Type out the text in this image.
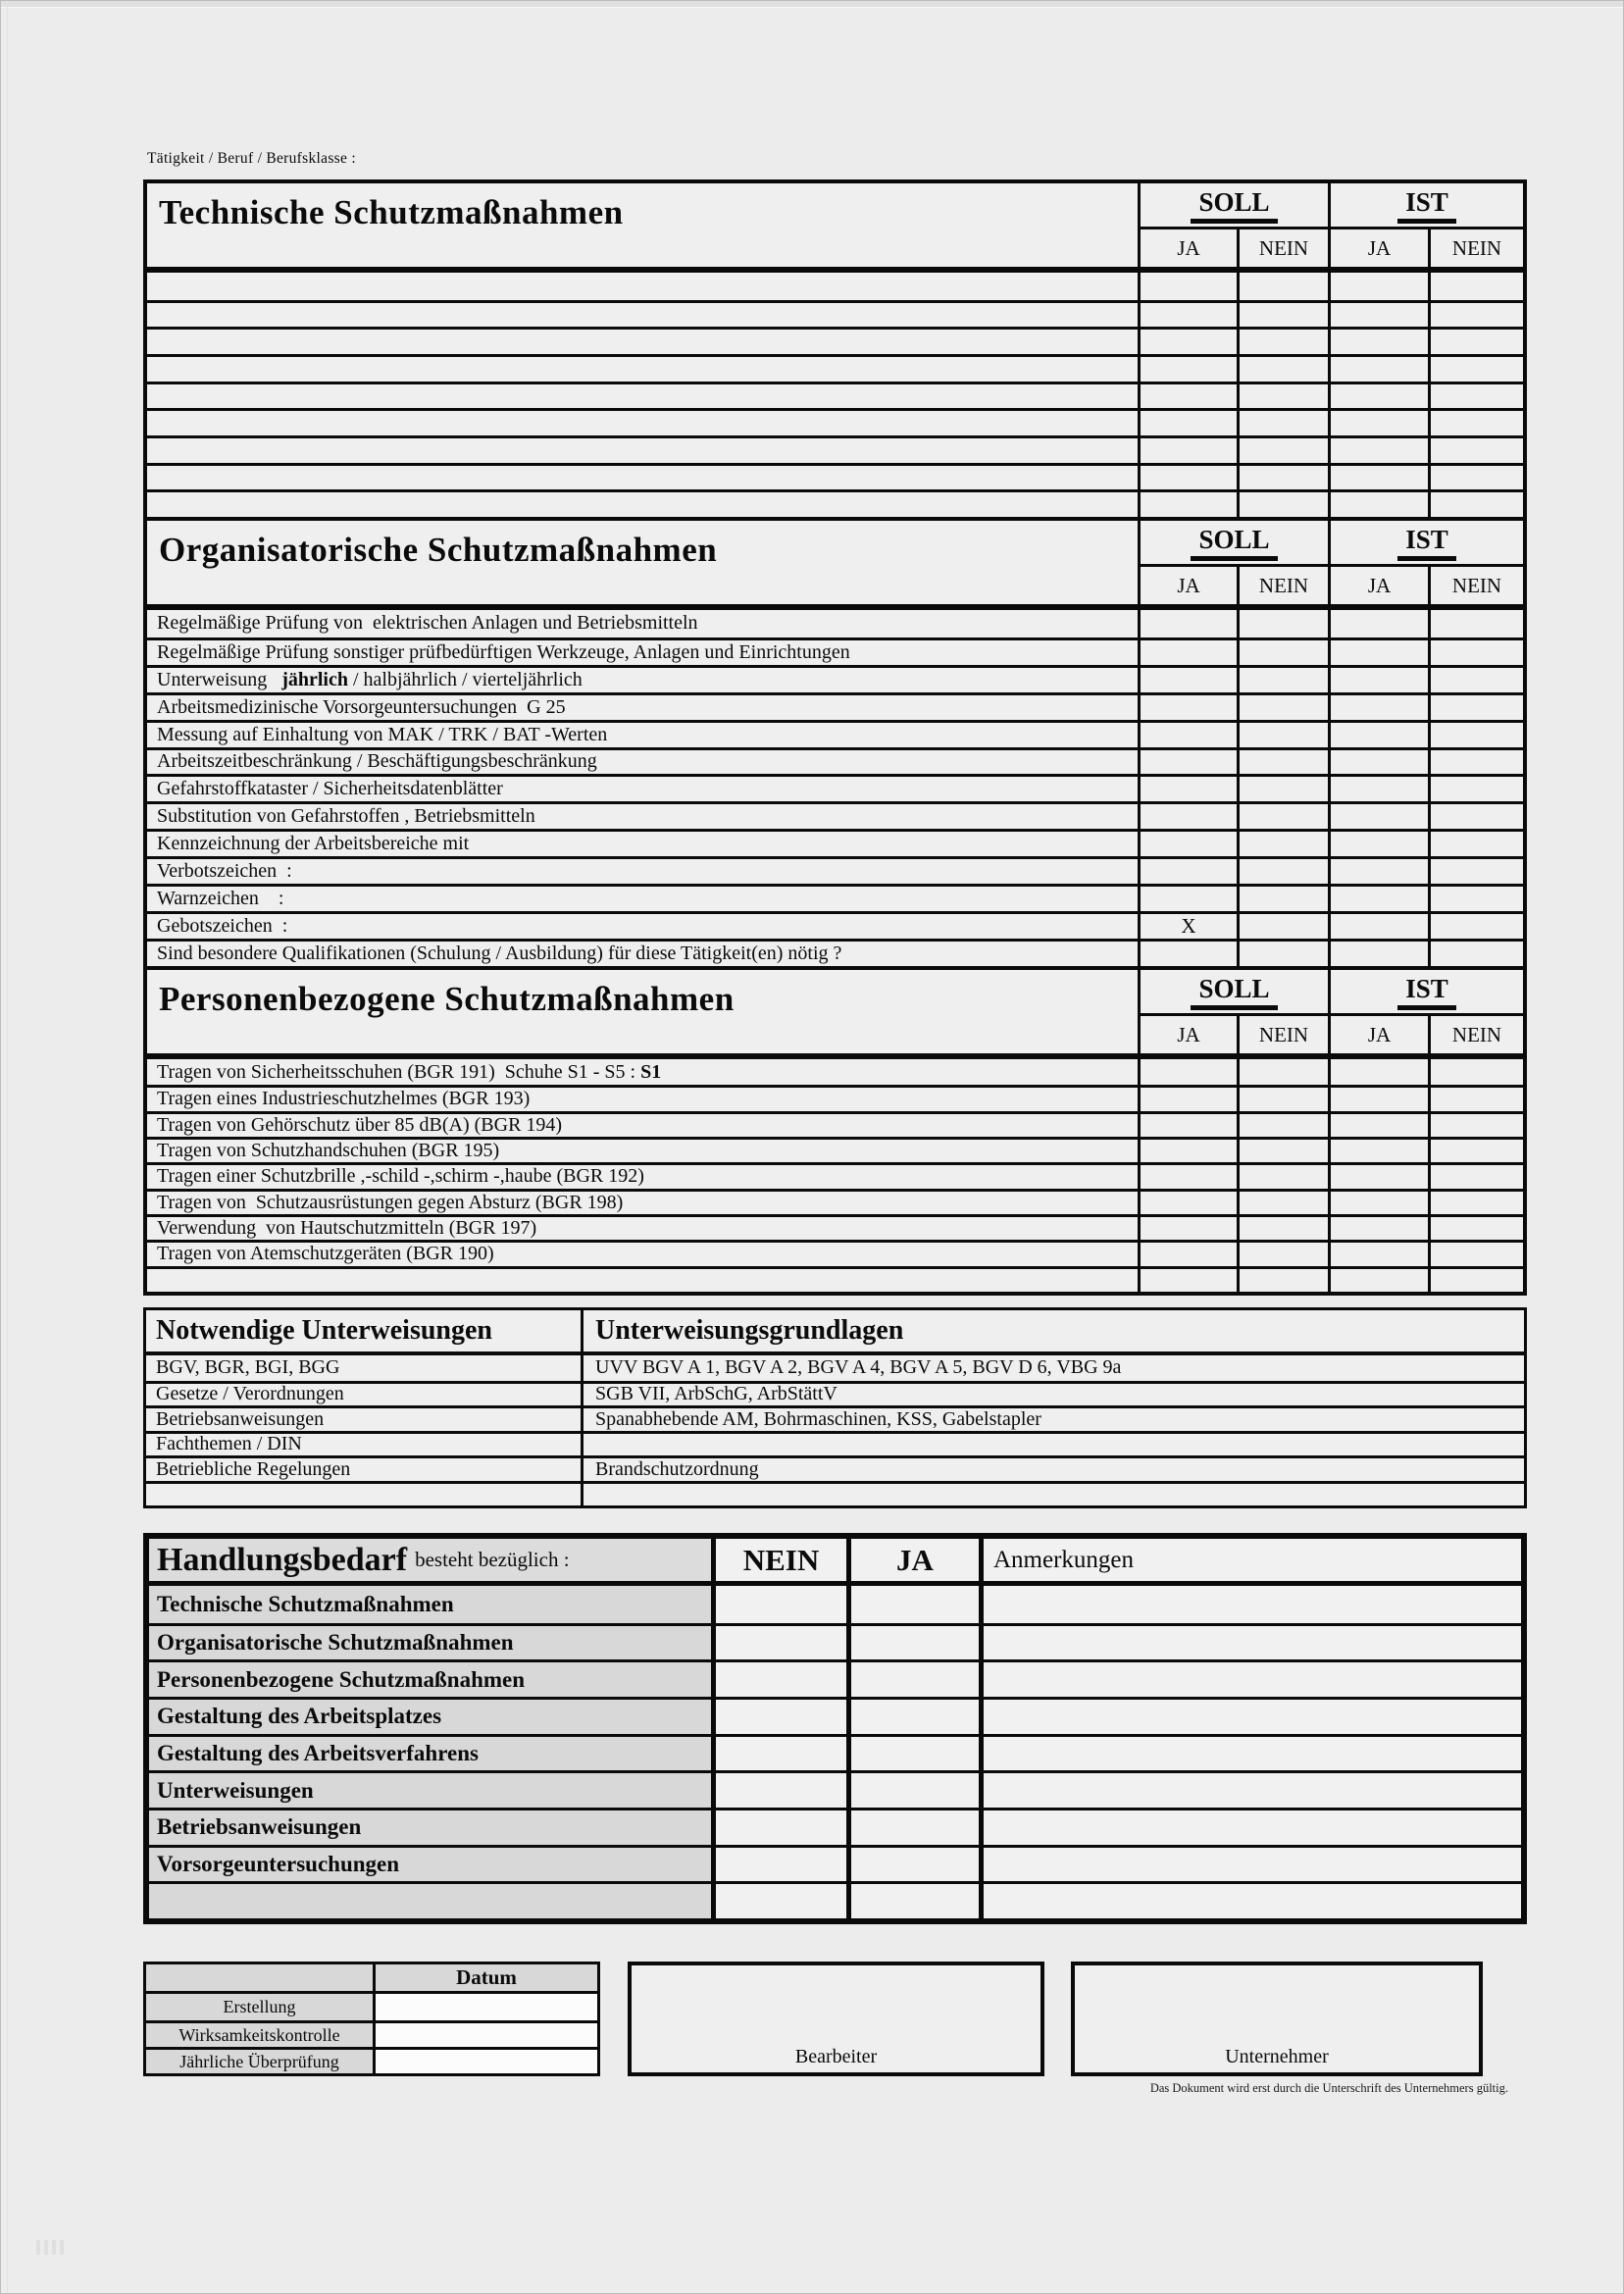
Tätigkeit / Beruf / Berufsklasse :
Technische Schutzmaßnahmen	SOLL	IST
JA	NEIN	JA	NEIN
Organisatorische Schutzmaßnahmen	SOLL	IST
JA	NEIN	JA	NEIN
Regelmäßige Prüfung von  elektrischen Anlagen und Betriebsmitteln
Regelmäßige Prüfung sonstiger prüfbedürftigen Werkzeuge, Anlagen und Einrichtungen
Unterweisung jährlich / halbjährlich / vierteljährlich
Arbeitsmedizinische Vorsorgeuntersuchungen  G 25
Messung auf Einhaltung von MAK / TRK / BAT -Werten
Arbeitszeitbeschränkung / Beschäftigungsbeschränkung
Gefahrstoffkataster / Sicherheitsdatenblätter
Substitution von Gefahrstoffen , Betriebsmitteln
Kennzeichnung der Arbeitsbereiche mit
Verbotszeichen  :
Warnzeichen    :
Gebotszeichen  :	X
Sind besondere Qualifikationen (Schulung / Ausbildung) für diese Tätigkeit(en) nötig ?
Personenbezogene Schutzmaßnahmen	SOLL	IST
JA	NEIN	JA	NEIN
Tragen von Sicherheitsschuhen (BGR 191)  Schuhe S1 - S5 : S1
Tragen eines Industrieschutzhelmes (BGR 193)
Tragen von Gehörschutz über 85 dB(A) (BGR 194)
Tragen von Schutzhandschuhen (BGR 195)
Tragen einer Schutzbrille ,-schild -,schirm -,haube (BGR 192)
Tragen von  Schutzausrüstungen gegen Absturz (BGR 198)
Verwendung  von Hautschutzmitteln (BGR 197)
Tragen von Atemschutzgeräten (BGR 190)
Notwendige Unterweisungen	Unterweisungsgrundlagen
BGV, BGR, BGI, BGG	UVV BGV A 1, BGV A 2, BGV A 4, BGV A 5, BGV D 6, VBG 9a
Gesetze / Verordnungen	SGB VII, ArbSchG, ArbStättV
Betriebsanweisungen	Spanabhebende AM, Bohrmaschinen, KSS, Gabelstapler
Fachthemen / DIN
Betriebliche Regelungen	Brandschutzordnung
Handlungsbedarf besteht bezüglich :	NEIN	JA	Anmerkungen
Technische Schutzmaßnahmen
Organisatorische Schutzmaßnahmen
Personenbezogene Schutzmaßnahmen
Gestaltung des Arbeitsplatzes
Gestaltung des Arbeitsverfahrens
Unterweisungen
Betriebsanweisungen
Vorsorgeuntersuchungen
Datum
Erstellung
Wirksamkeitskontrolle
Jährliche Überprüfung	Bearbeiter	Unternehmer
Das Dokument wird erst durch die Unterschrift des Unternehmers gültig.
